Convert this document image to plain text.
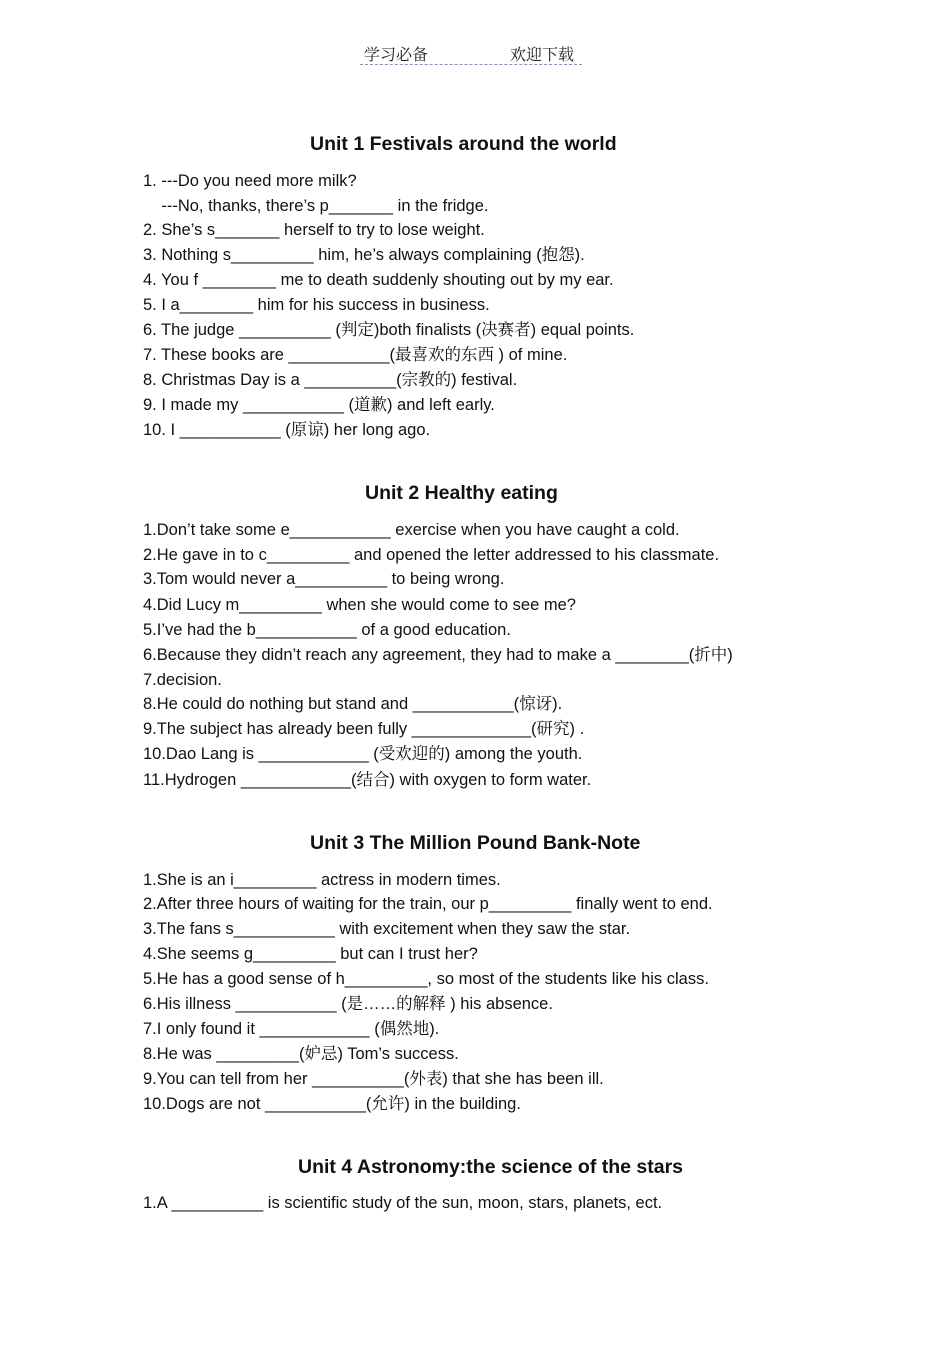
学习必备	欢迎下载
Unit 1 Festivals around the world
1. ---Do you need more milk?
---No, thanks, there’s p_______ in the fridge.
2. She’s s_______ herself to try to lose weight.
3. Nothing s_________ him, he’s always complaining (抱怨).
4. You f ________ me to death suddenly shouting out by my ear.
5. I a________ him for his success in business.
6. The judge __________ (判定)both finalists (决赛者) equal points.
7. These books are ___________(最喜欢的东西 ) of mine.
8. Christmas Day is a __________(宗教的) festival.
9. I made my ___________ (道歉) and left early.
10. I ___________ (原谅) her long ago.
Unit 2 Healthy eating
1.Don’t take some e___________ exercise when you have caught a cold.
2.He gave in to c_________ and opened the letter addressed to his classmate.
3.Tom would never a__________ to being wrong.
4.Did Lucy m_________ when she would come to see me?
5.I’ve had the b___________ of a good education.
6.Because they didn’t reach any agreement, they had to make a ________(折中)
7.decision.
8.He could do nothing but stand and ___________(惊讶).
9.The subject has already been fully _____________(研究) .
10.Dao Lang is ____________ (受欢迎的) among the youth.
11.Hydrogen ____________(结合) with oxygen to form water.
Unit 3 The Million Pound Bank-Note
1.She is an i_________ actress in modern times.
2.After three hours of waiting for the train, our p_________ finally went to end.
3.The fans s___________ with excitement when they saw the star.
4.She seems g_________ but can I trust her?
5.He has a good sense of h_________, so most of the students like his class.
6.His illness ___________ (是……的解释 ) his absence.
7.I only found it ____________ (偶然地).
8.He was _________(妒忌) Tom’s success.
9.You can tell from her __________(外表) that she has been ill.
10.Dogs are not ___________(允许) in the building.
Unit 4 Astronomy:the science of the stars
1.A __________ is scientific study of the sun, moon, stars, planets, ect.
